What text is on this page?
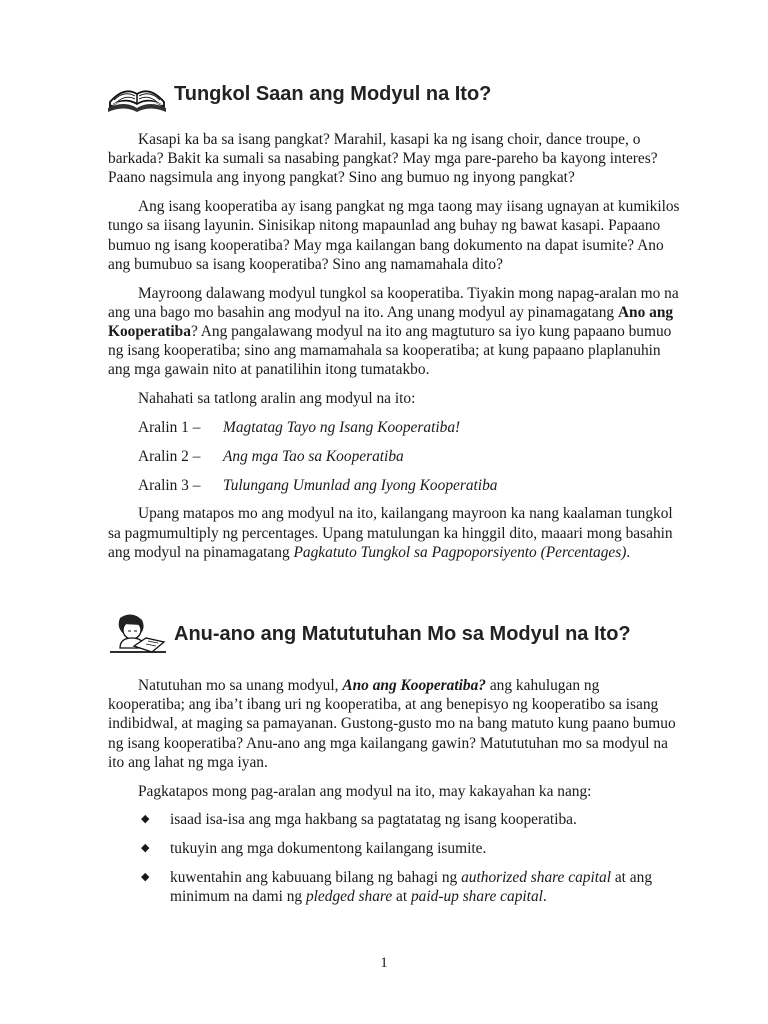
Tungkol Saan ang Modyul na Ito?

Kasapi ka ba sa isang pangkat? Marahil, kasapi ka ng isang choir, dance troupe, o barkada? Bakit ka sumali sa nasabing pangkat? May mga pare-pareho ba kayong interes? Paano nagsimula ang inyong pangkat? Sino ang bumuo ng inyong pangkat?

Ang isang kooperatiba ay isang pangkat ng mga taong may iisang ugnayan at kumikilos tungo sa iisang layunin. Sinisikap nitong mapaunlad ang buhay ng bawat kasapi. Papaano bumuo ng isang kooperatiba? May mga kailangan bang dokumento na dapat isumite? Ano ang bumubuo sa isang kooperatiba? Sino ang namamahala dito?

Mayroong dalawang modyul tungkol sa kooperatiba. Tiyakin mong napag-aralan mo na ang una bago mo basahin ang modyul na ito. Ang unang modyul ay pinamagatang Ano ang Kooperatiba? Ang pangalawang modyul na ito ang magtuturo sa iyo kung papaano bumuo ng isang kooperatiba; sino ang mamamahala sa kooperatiba; at kung papaano plaplanuhin ang mga gawain nito at panatilihin itong tumatakbo.

Nahahati sa tatlong aralin ang modyul na ito:

Aralin 1 –	Magtatag Tayo ng Isang Kooperatiba!
Aralin 2 –	Ang mga Tao sa Kooperatiba
Aralin 3 –	Tulungang Umunlad ang Iyong Kooperatiba

Upang matapos mo ang modyul na ito, kailangang mayroon ka nang kaalaman tungkol sa pagmumultiply ng percentages. Upang matulungan ka hinggil dito, maaari mong basahin ang modyul na pinamagatang Pagkatuto Tungkol sa Pagpoporsiyento (Percentages).

Anu-ano ang Matututuhan Mo sa Modyul na Ito?

Natutuhan mo sa unang modyul, Ano ang Kooperatiba? ang kahulugan ng kooperatiba; ang iba’t ibang uri ng kooperatiba, at ang benepisyo ng kooperatibo sa isang indibidwal, at maging sa pamayanan. Gustong-gusto mo na bang matuto kung paano bumuo ng isang kooperatiba? Anu-ano ang mga kailangang gawin? Matututuhan mo sa modyul na ito ang lahat ng mga iyan.

Pagkatapos mong pag-aralan ang modyul na ito, may kakayahan ka nang:

◆ isaad isa-isa ang mga hakbang sa pagtatatag ng isang kooperatiba.
◆ tukuyin ang mga dokumentong kailangang isumite.
◆ kuwentahin ang kabuuang bilang ng bahagi ng authorized share capital at ang minimum na dami ng pledged share at paid-up share capital.
1
